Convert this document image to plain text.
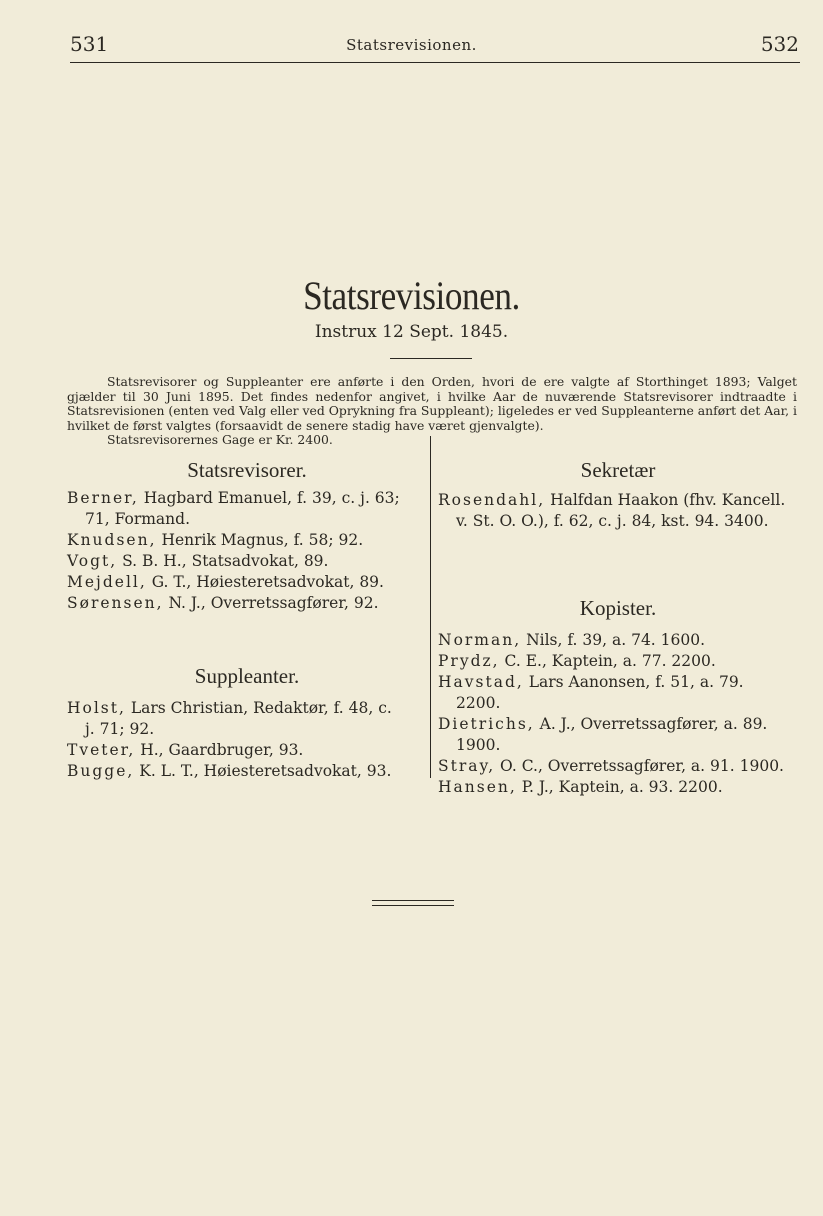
531	Statsrevisionen.	532
Statsrevisionen.
Instrux 12 Sept. 1845.

Statsrevisorer og Suppleanter ere anførte i den Orden, hvori de ere valgte af Storthinget 1893; Valget gjælder til 30 Juni 1895. Det findes nedenfor angivet, i hvilke Aar de nuværende Statsrevisorer indtraadte i Statsrevisionen (enten ved Valg eller ved Oprykning fra Suppleant); ligeledes er ved Suppleanterne anført det Aar, i hvilket de først valgtes (forsaavidt de senere stadig have været gjenvalgte).

Statsrevisorernes Gage er Kr. 2400.

Statsrevisorer.	Sekretær
Kopister.
Suppleanter.

Berner, Hagbard Emanuel, f. 39, c. j. 63;

71, Formand.

Knudsen, Henrik Magnus, f. 58; 92.

Vogt, S. B. H., Statsadvokat, 89.

Mejdell, G. T., Høiesteretsadvokat, 89.

Sørensen, N. J., Overretssagfører, 92.

Rosendahl, Halfdan Haakon (fhv. Kancell.

v. St. O. O.), f. 62, c. j. 84, kst. 94. 3400.

Norman, Nils, f. 39, a. 74. 1600.

Prydz, C. E., Kaptein, a. 77. 2200.

Havstad, Lars Aanonsen, f. 51, a. 79.

2200.

Dietrichs, A. J., Overretssagfører, a. 89.

1900.

Stray, O. C., Overretssagfører, a. 91. 1900.

Hansen, P. J., Kaptein, a. 93. 2200.

Holst, Lars Christian, Redaktør, f. 48, c.

j. 71; 92.

Tveter, H., Gaardbruger, 93.

Bugge, K. L. T., Høiesteretsadvokat, 93.
